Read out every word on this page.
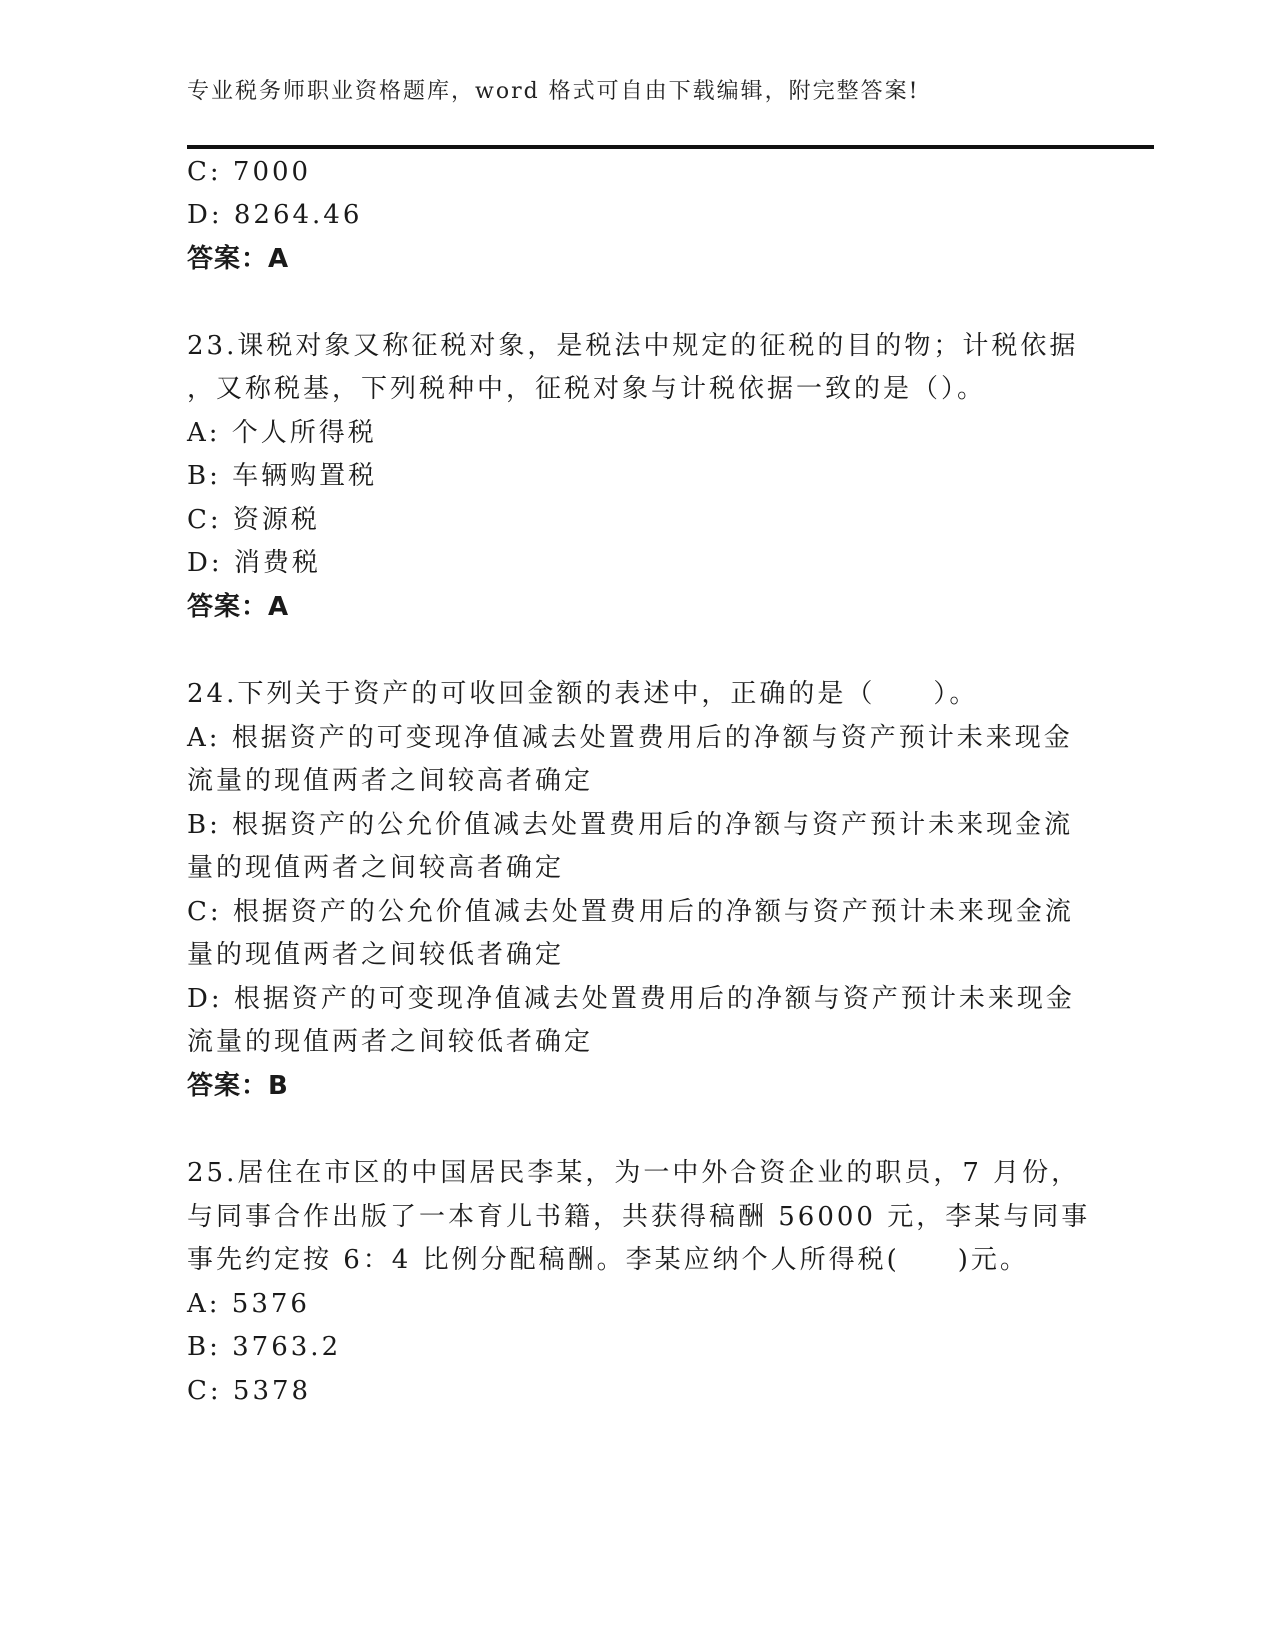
专业税务师职业资格题库，word 格式可自由下载编辑，附完整答案!
C: 7000
D: 8264.46
答案：A
23.课税对象又称征税对象，是税法中规定的征税的目的物；计税依据
，又称税基，下列税种中，征税对象与计税依据一致的是（）。
A: 个人所得税
B: 车辆购置税
C: 资源税
D: 消费税
答案：A
24.下列关于资产的可收回金额的表述中，正确的是（　　）。
A: 根据资产的可变现净值减去处置费用后的净额与资产预计未来现金
流量的现值两者之间较高者确定
B: 根据资产的公允价值减去处置费用后的净额与资产预计未来现金流
量的现值两者之间较高者确定
C: 根据资产的公允价值减去处置费用后的净额与资产预计未来现金流
量的现值两者之间较低者确定
D: 根据资产的可变现净值减去处置费用后的净额与资产预计未来现金
流量的现值两者之间较低者确定
答案：B
25.居住在市区的中国居民李某，为一中外合资企业的职员，7 月份，
与同事合作出版了一本育儿书籍，共获得稿酬 56000 元，李某与同事
事先约定按 6：4 比例分配稿酬。李某应纳个人所得税(　　)元。
A: 5376
B: 3763.2
C: 5378
